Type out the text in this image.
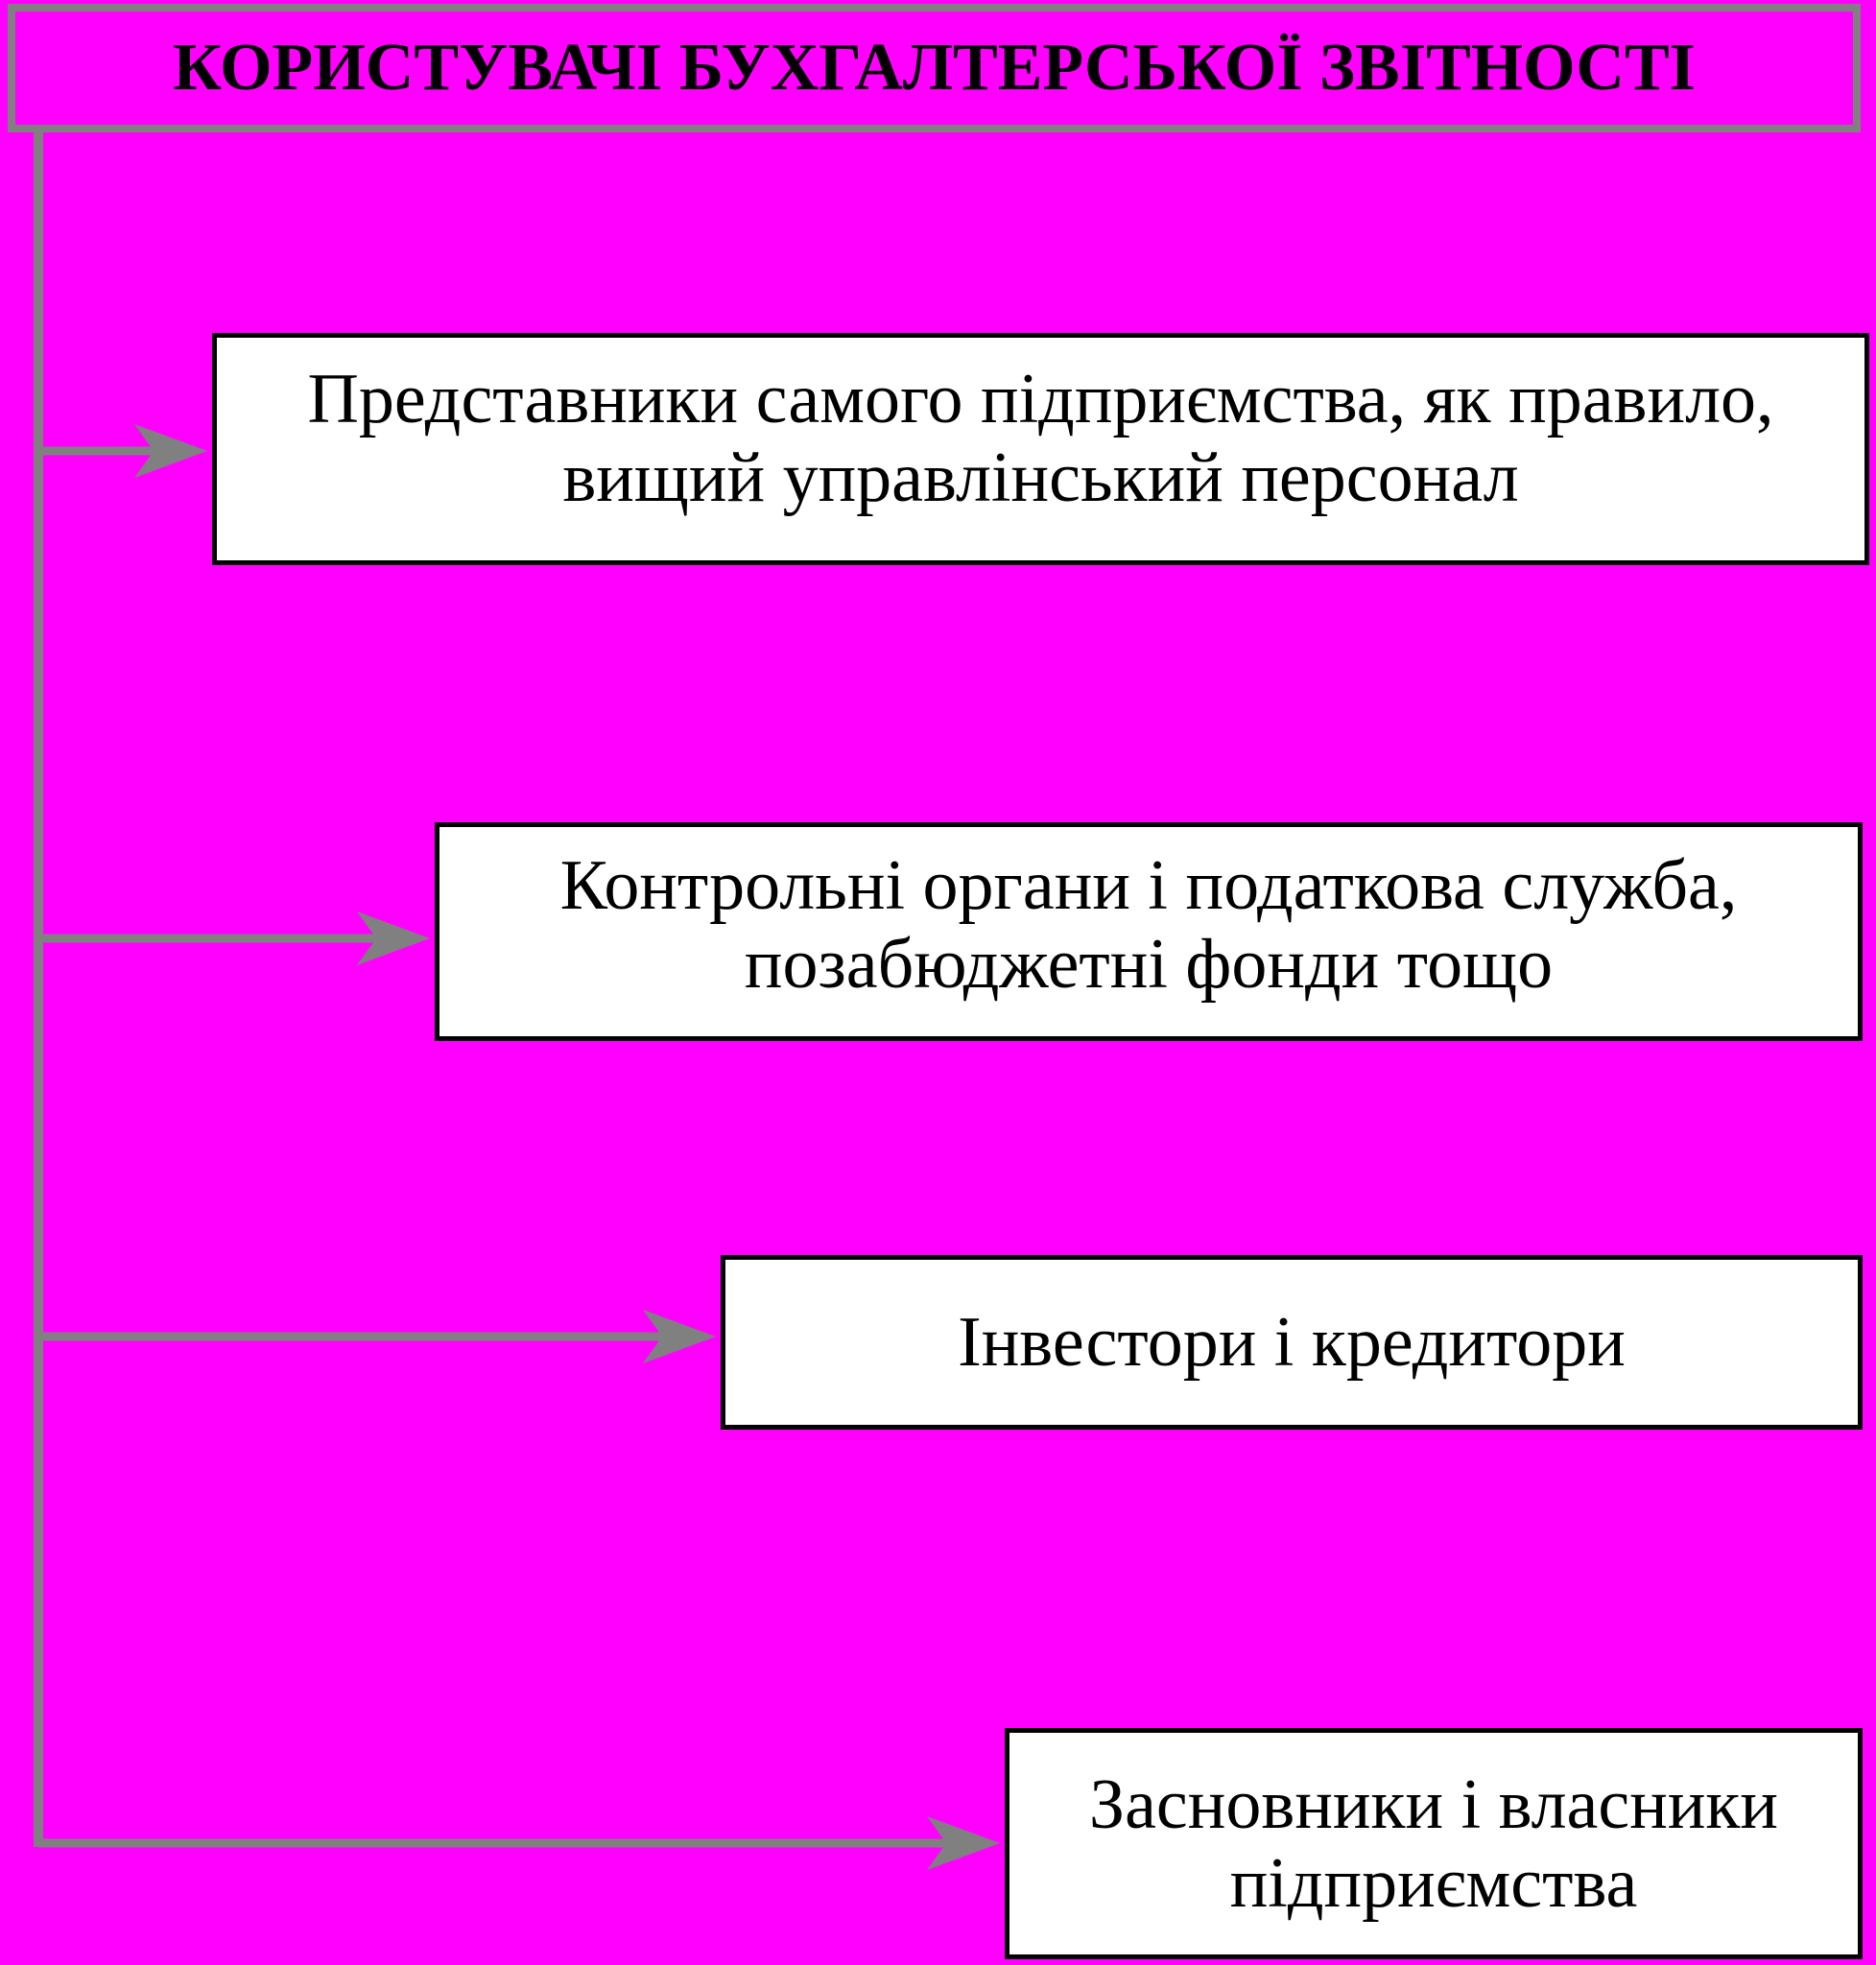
КОРИСТУВАЧІ БУХГАЛТЕРСЬКОЇ ЗВІТНОСТІ
Представники самого підприємства, як правило,
вищий управлінський персонал
Контрольні органи і податкова служба,
позабюджетні фонди тощо
Інвестори і кредитори
Засновники і власники
підприємства
